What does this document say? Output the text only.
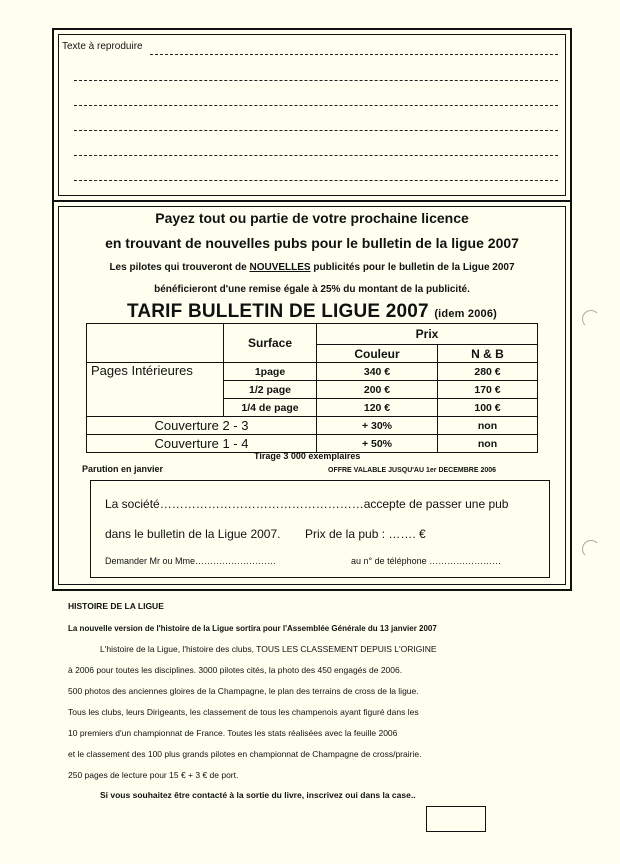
Texte à reproduire
Payez tout ou partie de votre prochaine licence
en trouvant de nouvelles pubs pour le bulletin de la ligue 2007
Les pilotes qui trouveront de NOUVELLES publicités pour le bulletin de la Ligue 2007
bénéficieront d'une remise égale à 25% du montant de la publicité.
TARIF BULLETIN DE LIGUE 2007 (idem 2006)
	Surface	Prix	
		Couleur	N & B
Pages Intérieures	1page	340 €	280 €
	1/2 page	200 €	170 €
	1/4 de page	120 €	100 €
Couverture 2 - 3		+ 30%	non
Couverture 1 - 4		+ 50%	non
Tirage 3 000 exemplaires
Parution en janvier	OFFRE VALABLE JUSQU'AU 1er DECEMBRE 2006
La société……………………………………………accepte de passer une pub
dans le bulletin de la Ligue 2007. Prix de la pub : ……. €
Demander Mr ou Mme………………………	au n° de téléphone ……………………
HISTOIRE DE LA LIGUE
La nouvelle version de l'histoire de la Ligue sortira pour l'Assemblée Générale du 13 janvier 2007
L'histoire de la Ligue, l'histoire des clubs, TOUS LES CLASSEMENT DEPUIS L'ORIGINE
à 2006 pour toutes les disciplines. 3000 pilotes cités, la photo des 450 engagés de 2006.
500 photos des anciennes gloires de la Champagne, le plan des terrains de cross de la ligue.
Tous les clubs, leurs Dirigeants, les classement de tous les champenois ayant figuré dans les
10 premiers d'un championnat de France. Toutes les stats réalisées avec la feuille 2006
et le classement des 100 plus grands pilotes en championnat de Champagne de cross/prairie.
250 pages de lecture pour 15 € + 3 € de port.
Si vous souhaitez être contacté à la sortie du livre, inscrivez oui dans la case..
